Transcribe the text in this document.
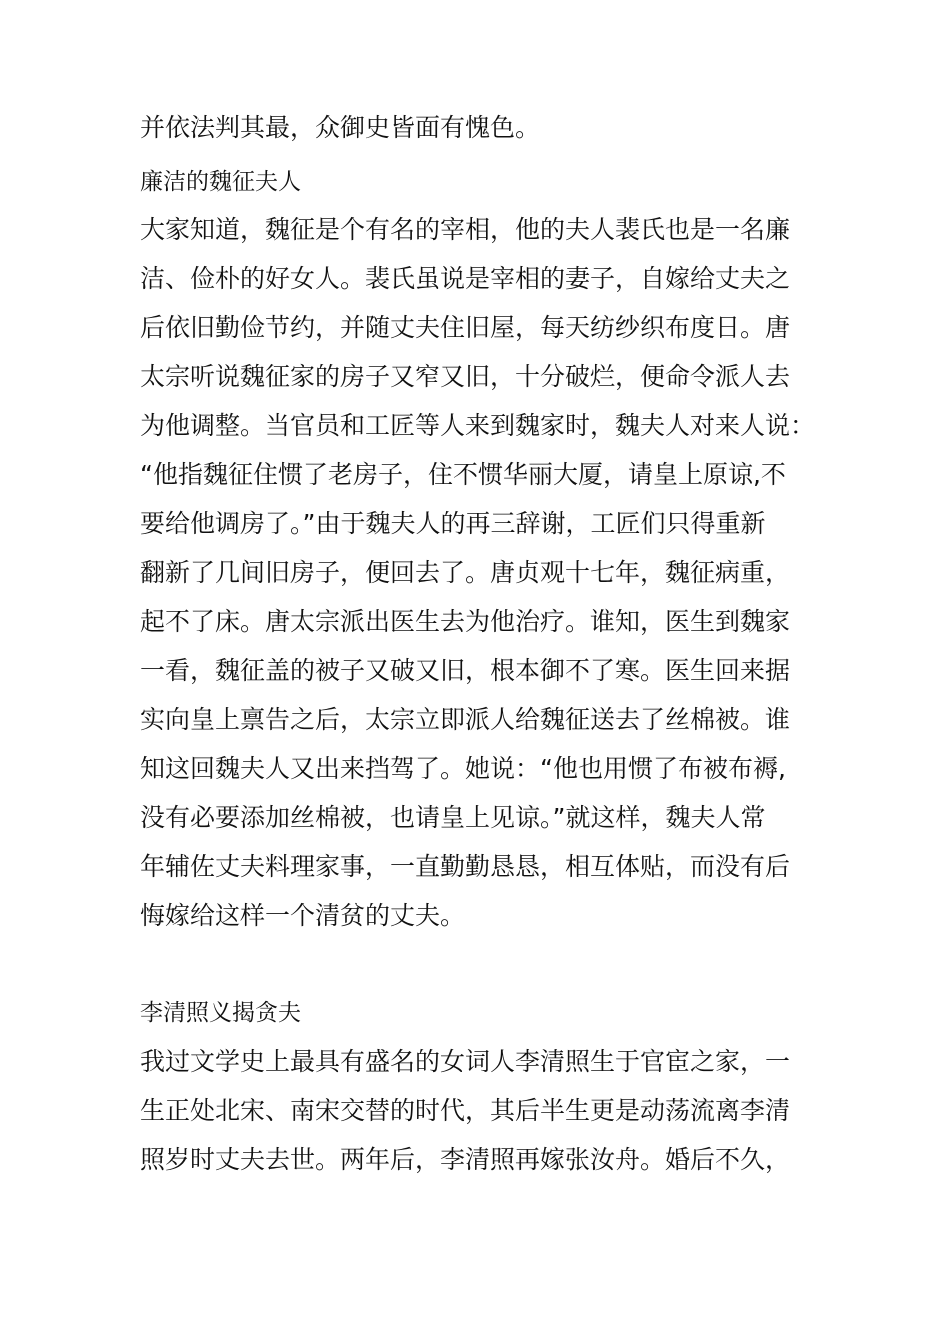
并依法判其最，众御史皆面有愧色。
廉洁的魏征夫人
大家知道，魏征是个有名的宰相，他的夫人裴氏也是一名廉
洁、俭朴的好女人。裴氏虽说是宰相的妻子，自嫁给丈夫之
后依旧勤俭节约，并随丈夫住旧屋，每天纺纱织布度日。唐
太宗听说魏征家的房子又窄又旧，十分破烂，便命令派人去
为他调整。当官员和工匠等人来到魏家时，魏夫人对来人说：
“他指魏征住惯了老房子，住不惯华丽大厦，请皇上原谅,不
要给他调房了。”由于魏夫人的再三辞谢，工匠们只得重新
翻新了几间旧房子，便回去了。唐贞观十七年，魏征病重，
起不了床。唐太宗派出医生去为他治疗。谁知，医生到魏家
一看，魏征盖的被子又破又旧，根本御不了寒。医生回来据
实向皇上禀告之后，太宗立即派人给魏征送去了丝棉被。谁
知这回魏夫人又出来挡驾了。她说：“他也用惯了布被布褥,
没有必要添加丝棉被，也请皇上见谅。”就这样，魏夫人常
年辅佐丈夫料理家事，一直勤勤恳恳，相互体贴，而没有后
悔嫁给这样一个清贫的丈夫。
李清照义揭贪夫
我过文学史上最具有盛名的女词人李清照生于官宦之家，一
生正处北宋、南宋交替的时代，其后半生更是动荡流离李清
照岁时丈夫去世。两年后，李清照再嫁张汝舟。婚后不久，
